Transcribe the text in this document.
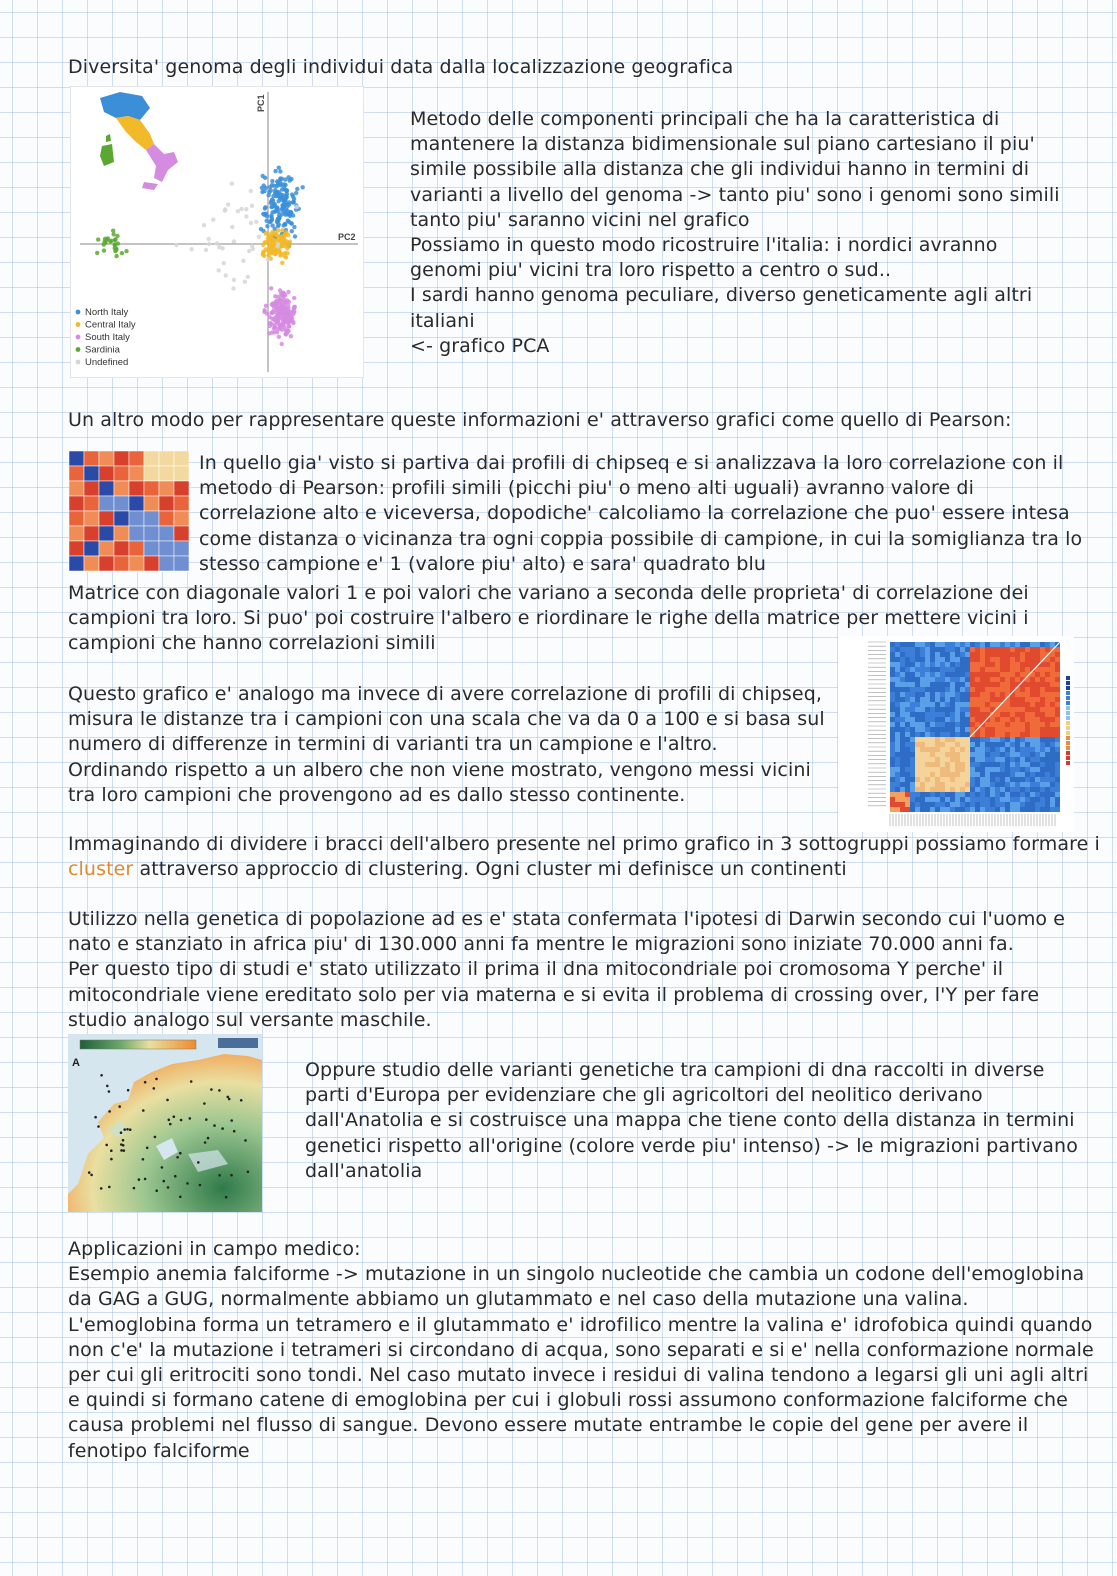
Diversita' genoma degli individui data dalla localizzazione geografica

PC1
PC2
North Italy
Central Italy
South Italy
Sardinia
Undefined

Metodo delle componenti principali che ha la caratteristica di

mantenere la distanza bidimensionale sul piano cartesiano il piu'

simile possibile alla distanza che gli individui hanno in termini di

varianti a livello del genoma -> tanto piu' sono i genomi sono simili

tanto piu' saranno vicini nel grafico

Possiamo in questo modo ricostruire l'italia: i nordici avranno

genomi piu' vicini tra loro rispetto a centro o sud..

I sardi hanno genoma peculiare, diverso geneticamente agli altri

italiani

<- grafico PCA

Un altro modo per rappresentare queste informazioni e' attraverso grafici come quello di Pearson:

In quello gia' visto si partiva dai profili di chipseq e si analizzava la loro correlazione con il

metodo di Pearson: profili simili (picchi piu' o meno alti uguali) avranno valore di

correlazione alto e viceversa, dopodiche' calcoliamo la correlazione che puo' essere intesa

come distanza o vicinanza tra ogni coppia possibile di campione, in cui la somiglianza tra lo

stesso campione e' 1 (valore piu' alto) e sara' quadrato blu

Matrice con diagonale valori 1 e poi valori che variano a seconda delle proprieta' di correlazione dei

campioni tra loro. Si puo' poi costruire l'albero e riordinare le righe della matrice per mettere vicini i

campioni che hanno correlazioni simili

Questo grafico e' analogo ma invece di avere correlazione di profili di chipseq,

misura le distanze tra i campioni con una scala che va da 0 a 100 e si basa sul

numero di differenze in termini di varianti tra un campione e l'altro.

Ordinando rispetto a un albero che non viene mostrato, vengono messi vicini

tra loro campioni che provengono ad es dallo stesso continente.

Immaginando di dividere i bracci dell'albero presente nel primo grafico in 3 sottogruppi possiamo formare i

cluster attraverso approccio di clustering. Ogni cluster mi definisce un continenti

Utilizzo nella genetica di popolazione ad es e' stata confermata l'ipotesi di Darwin secondo cui l'uomo e

nato e stanziato in africa piu' di 130.000 anni fa mentre le migrazioni sono iniziate 70.000 anni fa.

Per questo tipo di studi e' stato utilizzato il prima il dna mitocondriale poi cromosoma Y perche' il

mitocondriale viene ereditato solo per via materna e si evita il problema di crossing over, l'Y per fare

studio analogo sul versante maschile.

A	Oppure studio delle varianti genetiche tra campioni di dna raccolti in diverse

parti d'Europa per evidenziare che gli agricoltori del neolitico derivano

dall'Anatolia e si costruisce una mappa che tiene conto della distanza in termini

genetici rispetto all'origine (colore verde piu' intenso) -> le migrazioni partivano

dall'anatolia

Applicazioni in campo medico:

Esempio anemia falciforme -> mutazione in un singolo nucleotide che cambia un codone dell'emoglobina

da GAG a GUG, normalmente abbiamo un glutammato e nel caso della mutazione una valina.

L'emoglobina forma un tetramero e il glutammato e' idrofilico mentre la valina e' idrofobica quindi quando

non c'e' la mutazione i tetrameri si circondano di acqua, sono separati e si e' nella conformazione normale

per cui gli eritrociti sono tondi. Nel caso mutato invece i residui di valina tendono a legarsi gli uni agli altri

e quindi si formano catene di emoglobina per cui i globuli rossi assumono conformazione falciforme che

causa problemi nel flusso di sangue. Devono essere mutate entrambe le copie del gene per avere il

fenotipo falciforme
